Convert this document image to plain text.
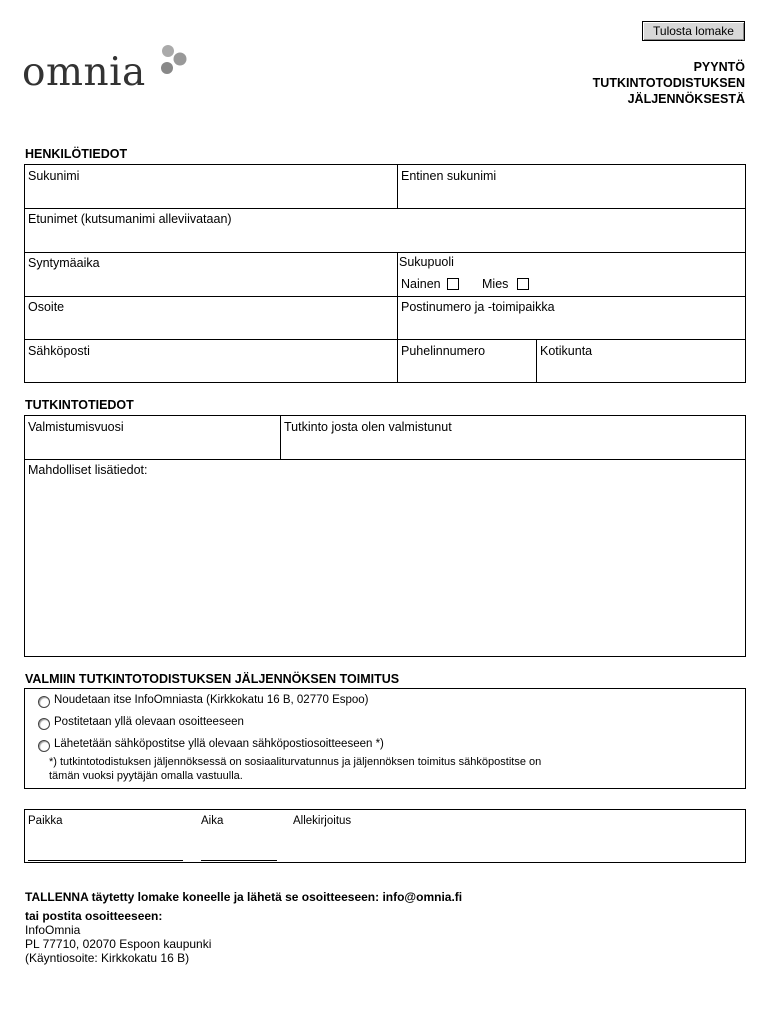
Tulosta lomake
omnia	PYYNTÖ
TUTKINTOTODISTUKSEN
JÄLJENNÖKSESTÄ
HENKILÖTIEDOT
Sukunimi	Entinen sukunimi
Etunimet (kutsumanimi alleviivataan)
Syntymäaika	Sukupuoli
Nainen	Mies
Osoite	Postinumero ja -toimipaikka
Sähköposti	Puhelinnumero	Kotikunta
TUTKINTOTIEDOT
Valmistumisvuosi	Tutkinto josta olen valmistunut
Mahdolliset lisätiedot:
VALMIIN TUTKINTOTODISTUKSEN JÄLJENNÖKSEN TOIMITUS
Noudetaan itse InfoOmniasta (Kirkkokatu 16 B, 02770 Espoo)
Postitetaan yllä olevaan osoitteeseen
Lähetetään sähköpostitse yllä olevaan sähköpostiosoitteeseen *)
*) tutkintotodistuksen jäljennöksessä on sosiaaliturvatunnus ja jäljennöksen toimitus sähköpostitse on
tämän vuoksi pyytäjän omalla vastuulla.
Paikka	Aika	Allekirjoitus
TALLENNA täytetty lomake koneelle ja lähetä se osoitteeseen: info@omnia.fi
tai postita osoitteeseen:
InfoOmnia
PL 77710, 02070 Espoon kaupunki
(Käyntiosoite: Kirkkokatu 16 B)
